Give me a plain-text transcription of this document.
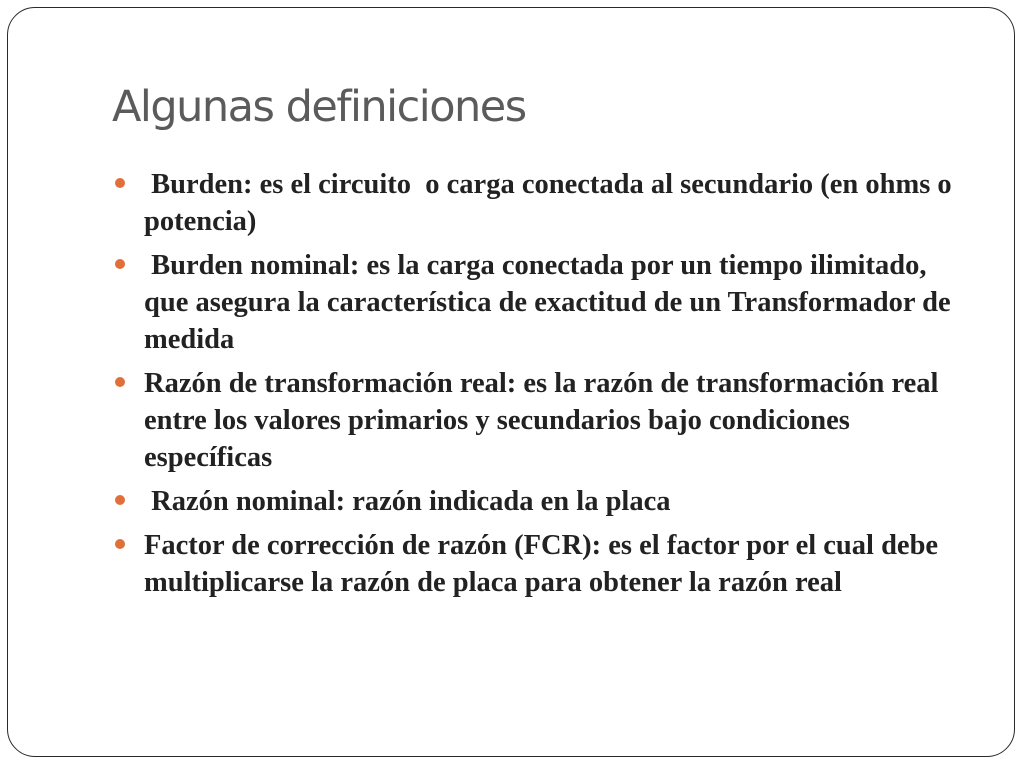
Algunas definiciones
Burden: es el circuito  o carga conectada al secundario (en ohms o potencia)
Burden nominal: es la carga conectada por un tiempo ilimitado,  que asegura la característica de exactitud de un Transformador de medida
Razón de transformación real: es la razón de transformación real entre los valores primarios y secundarios bajo condiciones específicas
Razón nominal: razón indicada en la placa
Factor de corrección de razón (FCR): es el factor por el cual debe multiplicarse la razón de placa para obtener la razón real
